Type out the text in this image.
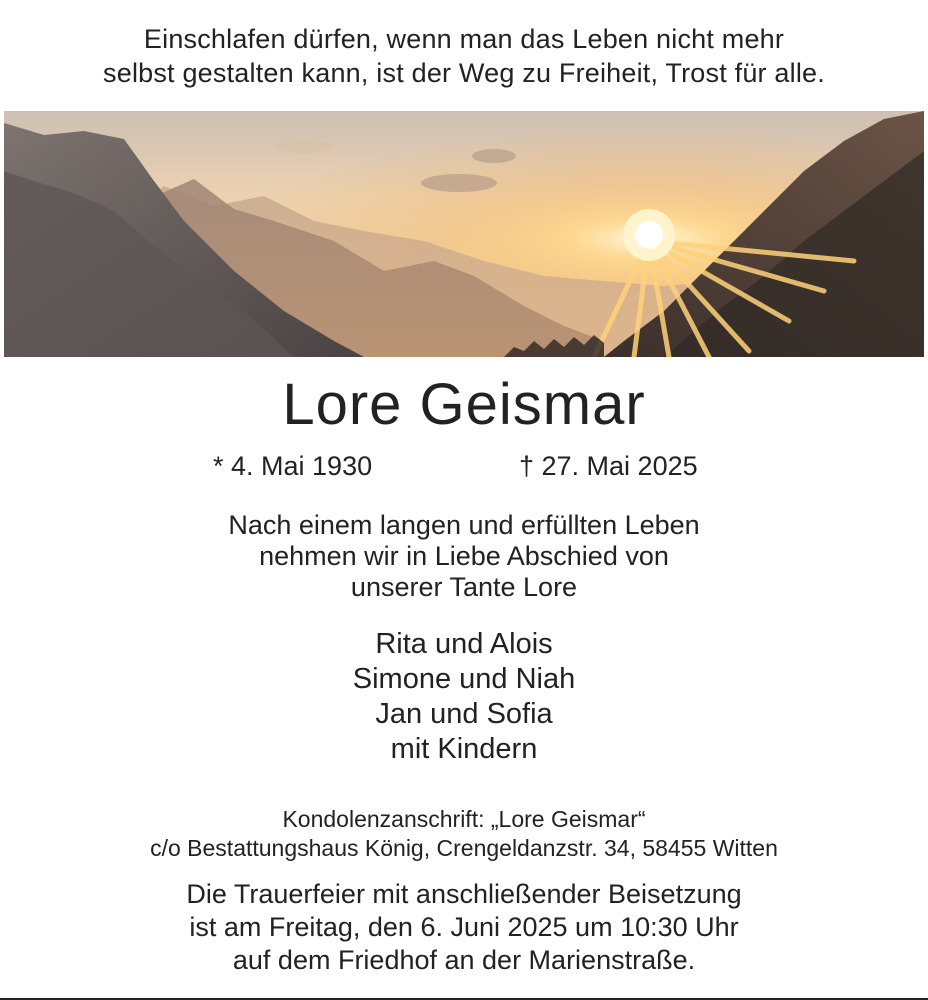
Einschlafen dürfen, wenn man das Leben nicht mehr
selbst gestalten kann, ist der Weg zu Freiheit, Trost für alle.
Lore Geismar
* 4. Mai 1930	† 27. Mai 2025
Nach einem langen und erfüllten Leben
nehmen wir in Liebe Abschied von
unserer Tante Lore
Rita und Alois
Simone und Niah
Jan und Sofia
mit Kindern
Kondolenzanschrift: „Lore Geismar“
c/o Bestattungshaus König, Crengeldanzstr. 34, 58455 Witten
Die Trauerfeier mit anschließender Beisetzung
ist am Freitag, den 6. Juni 2025 um 10:30 Uhr
auf dem Friedhof an der Marienstraße.
